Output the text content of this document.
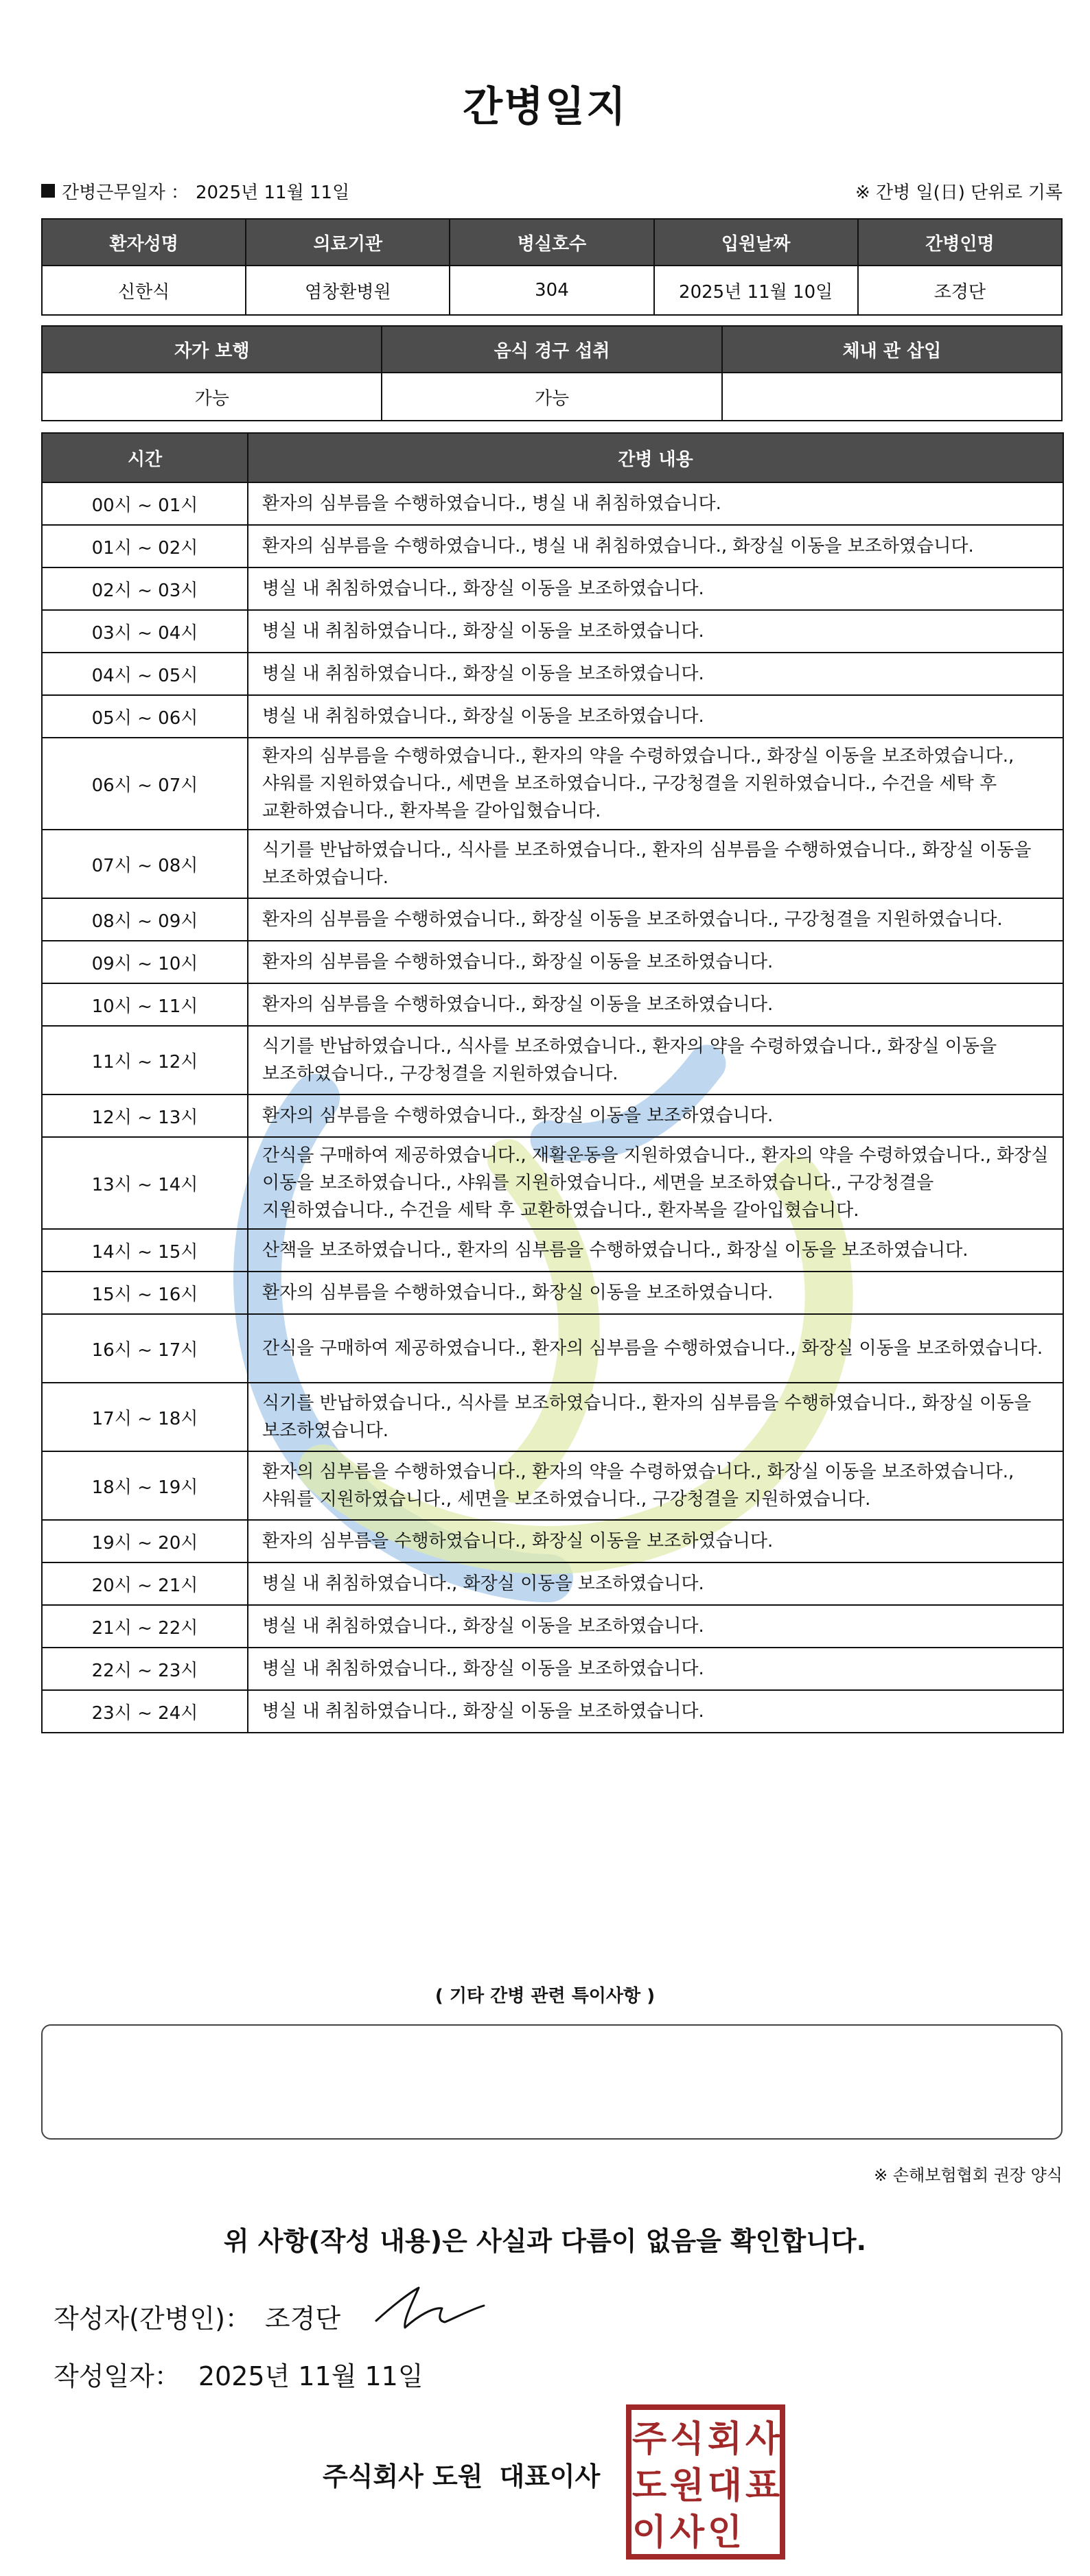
간병일지
간병근무일자 ： 2025년 11월 11일	※ 간병 일(日) 단위로 기록
환자성명	의료기관	병실호수	입원날짜	간병인명
신한식	염창환병원	304	2025년 11월 10일	조경단
자가 보행	음식 경구 섭취	체내 관 삽입
가능	가능	
시간	간병 내용
00시 ~ 01시	환자의 심부름을 수행하였습니다., 병실 내 취침하였습니다.
01시 ~ 02시	환자의 심부름을 수행하였습니다., 병실 내 취침하였습니다., 화장실 이동을 보조하였습니다.
02시 ~ 03시	병실 내 취침하였습니다., 화장실 이동을 보조하였습니다.
03시 ~ 04시	병실 내 취침하였습니다., 화장실 이동을 보조하였습니다.
04시 ~ 05시	병실 내 취침하였습니다., 화장실 이동을 보조하였습니다.
05시 ~ 06시	병실 내 취침하였습니다., 화장실 이동을 보조하였습니다.
06시 ~ 07시	환자의 심부름을 수행하였습니다., 환자의 약을 수령하였습니다., 화장실 이동을 보조하였습니다., 샤워를 지원하였습니다., 세면을 보조하였습니다., 구강청결을 지원하였습니다., 수건을 세탁 후 교환하였습니다., 환자복을 갈아입혔습니다.
07시 ~ 08시	식기를 반납하였습니다., 식사를 보조하였습니다., 환자의 심부름을 수행하였습니다., 화장실 이동을 보조하였습니다.
08시 ~ 09시	환자의 심부름을 수행하였습니다., 화장실 이동을 보조하였습니다., 구강청결을 지원하였습니다.
09시 ~ 10시	환자의 심부름을 수행하였습니다., 화장실 이동을 보조하였습니다.
10시 ~ 11시	환자의 심부름을 수행하였습니다., 화장실 이동을 보조하였습니다.
11시 ~ 12시	식기를 반납하였습니다., 식사를 보조하였습니다., 환자의 약을 수령하였습니다., 화장실 이동을 보조하였습니다., 구강청결을 지원하였습니다.
12시 ~ 13시	환자의 심부름을 수행하였습니다., 화장실 이동을 보조하였습니다.
13시 ~ 14시	간식을 구매하여 제공하였습니다., 재활운동을 지원하였습니다., 환자의 약을 수령하였습니다., 화장실 이동을 보조하였습니다., 샤워를 지원하였습니다., 세면을 보조하였습니다., 구강청결을 지원하였습니다., 수건을 세탁 후 교환하였습니다., 환자복을 갈아입혔습니다.
14시 ~ 15시	산책을 보조하였습니다., 환자의 심부름을 수행하였습니다., 화장실 이동을 보조하였습니다.
15시 ~ 16시	환자의 심부름을 수행하였습니다., 화장실 이동을 보조하였습니다.
16시 ~ 17시	간식을 구매하여 제공하였습니다., 환자의 심부름을 수행하였습니다., 화장실 이동을 보조하였습니다.
17시 ~ 18시	식기를 반납하였습니다., 식사를 보조하였습니다., 환자의 심부름을 수행하였습니다., 화장실 이동을 보조하였습니다.
18시 ~ 19시	환자의 심부름을 수행하였습니다., 환자의 약을 수령하였습니다., 화장실 이동을 보조하였습니다., 샤워를 지원하였습니다., 세면을 보조하였습니다., 구강청결을 지원하였습니다.
19시 ~ 20시	환자의 심부름을 수행하였습니다., 화장실 이동을 보조하였습니다.
20시 ~ 21시	병실 내 취침하였습니다., 화장실 이동을 보조하였습니다.
21시 ~ 22시	병실 내 취침하였습니다., 화장실 이동을 보조하였습니다.
22시 ~ 23시	병실 내 취침하였습니다., 화장실 이동을 보조하였습니다.
23시 ~ 24시	병실 내 취침하였습니다., 화장실 이동을 보조하였습니다.
( 기타 간병 관련 특이사항 )
※ 손해보험협회 권장 양식
위 사항(작성 내용)은 사실과 다름이 없음을 확인합니다.
작성자(간병인)： 조경단
작성일자： 2025년 11월 11일
주식회사 도원 대표이사
주 식 회 사
도 원 대 표
이 사 인
